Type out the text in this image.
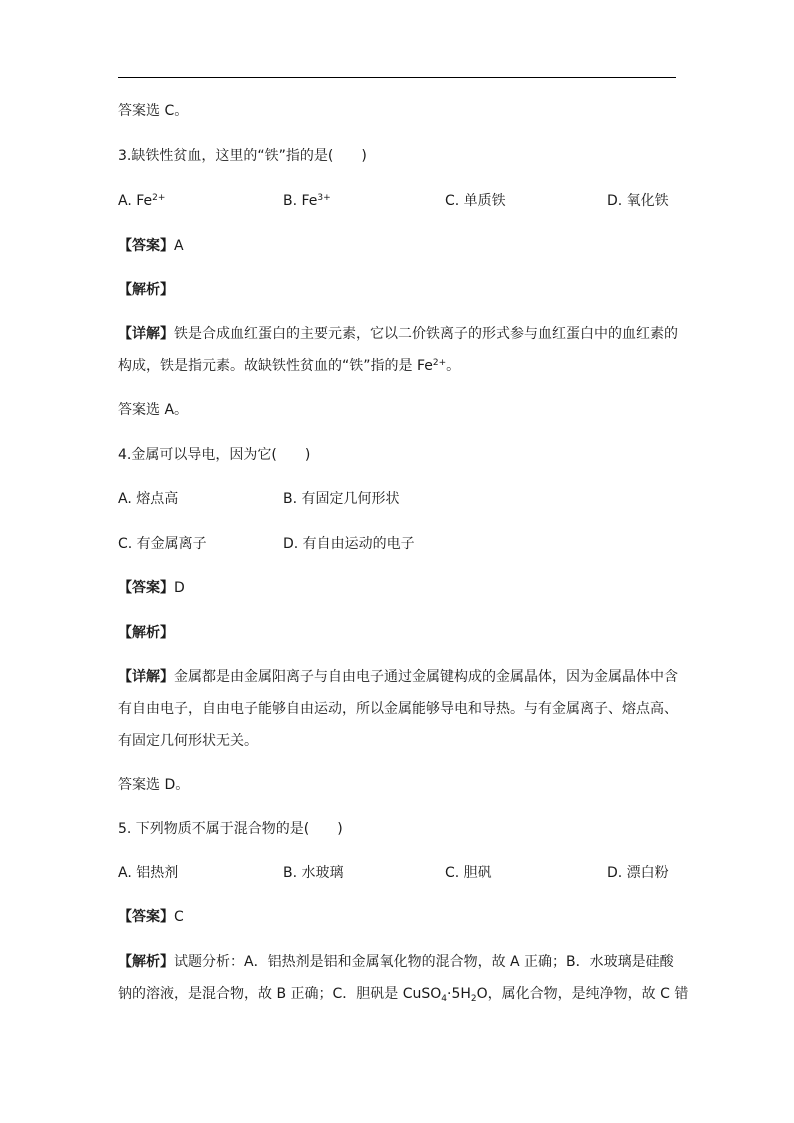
答案选 C。
3.缺铁性贫血，这里的“铁”指的是(　　)
A. $Fe^{2+}$	B. $Fe^{3+}$	C. 单质铁	D. 氧化铁
【答案】A
【解析】
【详解】铁是合成血红蛋白的主要元素，它以二价铁离子的形式参与血红蛋白中的血红素的
构成，铁是指元素。故缺铁性贫血的“铁”指的是 $Fe^{2+}$。
答案选 A。
4.金属可以导电，因为它(　　)
A. 熔点高	B. 有固定几何形状
C. 有金属离子	D. 有自由运动的电子
【答案】D
【解析】
【详解】金属都是由金属阳离子与自由电子通过金属键构成的金属晶体，因为金属晶体中含
有自由电子，自由电子能够自由运动，所以金属能够导电和导热。与有金属离子、熔点高、
有固定几何形状无关。
答案选 D。
5. 下列物质不属于混合物的是(　　)
A. 铝热剂	B. 水玻璃	C. 胆矾	D. 漂白粉
【答案】C
【解析】试题分析：A．铝热剂是铝和金属氧化物的混合物，故 A 正确；B．水玻璃是硅酸
钠的溶液，是混合物，故 B 正确；C．胆矾是 $CuSO_4\cdot 5H_2O$，属化合物，是纯净物，故 C 错
